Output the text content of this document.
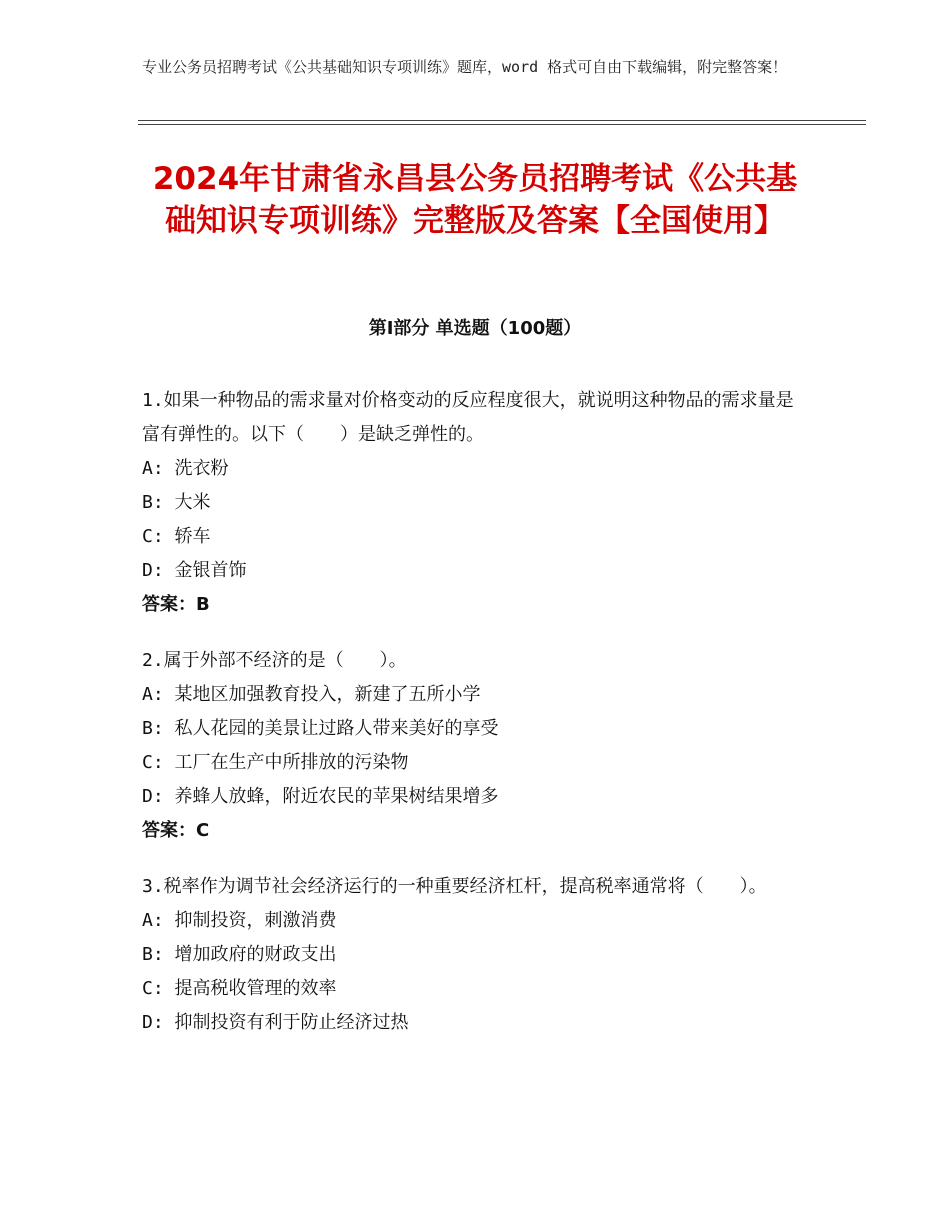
专业公务员招聘考试《公共基础知识专项训练》题库，word 格式可自由下载编辑，附完整答案！
2024年甘肃省永昌县公务员招聘考试《公共基础知识专项训练》完整版及答案【全国使用】
第Ⅰ部分 单选题（100题）
1.如果一种物品的需求量对价格变动的反应程度很大，就说明这种物品的需求量是富有弹性的。以下（　　）是缺乏弹性的。
A: 洗衣粉
B: 大米
C: 轿车
D: 金银首饰
答案：B
2.属于外部不经济的是（　　）。
A: 某地区加强教育投入，新建了五所小学
B: 私人花园的美景让过路人带来美好的享受
C: 工厂在生产中所排放的污染物
D: 养蜂人放蜂，附近农民的苹果树结果增多
答案：C
3.税率作为调节社会经济运行的一种重要经济杠杆，提高税率通常将（　　）。
A: 抑制投资，刺激消费
B: 增加政府的财政支出
C: 提高税收管理的效率
D: 抑制投资有利于防止经济过热
